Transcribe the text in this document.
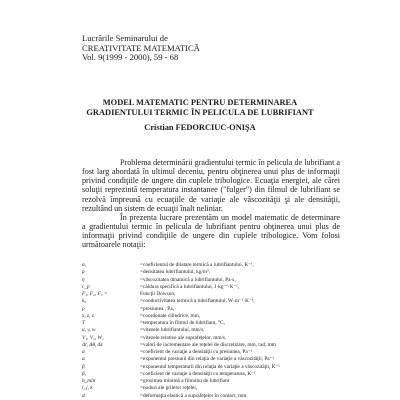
Lucrările Seminarului de
CREATIVITATE MATEMATICĂ
Vol. 9(1999 - 2000), 59 - 68
MODEL MATEMATIC PENTRU DETERMINAREA
GRADIENTULUI TERMIC ÎN PELICULA DE LUBRIFIANT
Cristian FEDORCIUC-ONIŞA

Problema determinării gradientului termic în pelicula de lubrifiant a fost larg abordată în ultimul deceniu, pentru obţinerea unui plus de informaţii privind condiţiile de ungere din cuplele tribologice. Ecuaţia energiei, ale cărei soluţii reprezintă temperatura instantanee ("fulger") din filmul de lubrifiant se rezolvă împreună cu ecuaţiile de variaţie ale vâscozităţii şi ale densităţii, rezultând un sistem de ecuaţii înalt neliniar.

În prezenta lucrare prezentăm un model matematic de determinare a gradientului termic în pelicula de lubrifiant pentru obţinerea unui plus de informaţii privind condiţiile de ungere din cuplele tribologice. Vom folosi următoarele notaţii:

α₁	=coeficientul de dilatare termică a lubrifiantului, K⁻¹,
ρ	=densitatea lubrifiantului, kg/m³,
η	=vâscozitatea dinamică a lubrifiantului, Pa·s,
c_p	=căldura specifică a lubrifiantului, J·kg⁻¹·K⁻¹,
F₁, F₂, F₃ =	Funcţii Dowson,
k₀	=conductivitatea termică a lubrifiantului, W·m⁻¹·K⁻¹,
p	=presiunea , Pa,
x, z, z	=coordonate cilindrice, mm,
T	=temperatura în filmul de lubrifiant, °C,
u, v, w	=vitezele lubrifiantului, mm/s,
V₁, V₂, W₁	=vitezele relative ale suprafeţelor, mm/s,
Δr, Δθ, Δz	=valori de incrementare ale reţelei de discretizare, mm, rad, mm
α	=coeficient de variaţie a densităţii cu presiunea, Pa⁻¹
α	=exponentul presiunii din relaţia de variaţie a vâscozităţii, Pa⁻¹
β	=exponentul temperaturii din relaţia de variaţie a vâscozităţii, K⁻¹
β₁	=coeficient de variaţie a densităţii cu temperatura, K⁻¹
h_min	=grosimea minimă a filmului de lubrifiant
i, j, k	=noduri ale grilelor reţelei,
d	=deformaţia elastică a suprafeţelor în contact, mm
